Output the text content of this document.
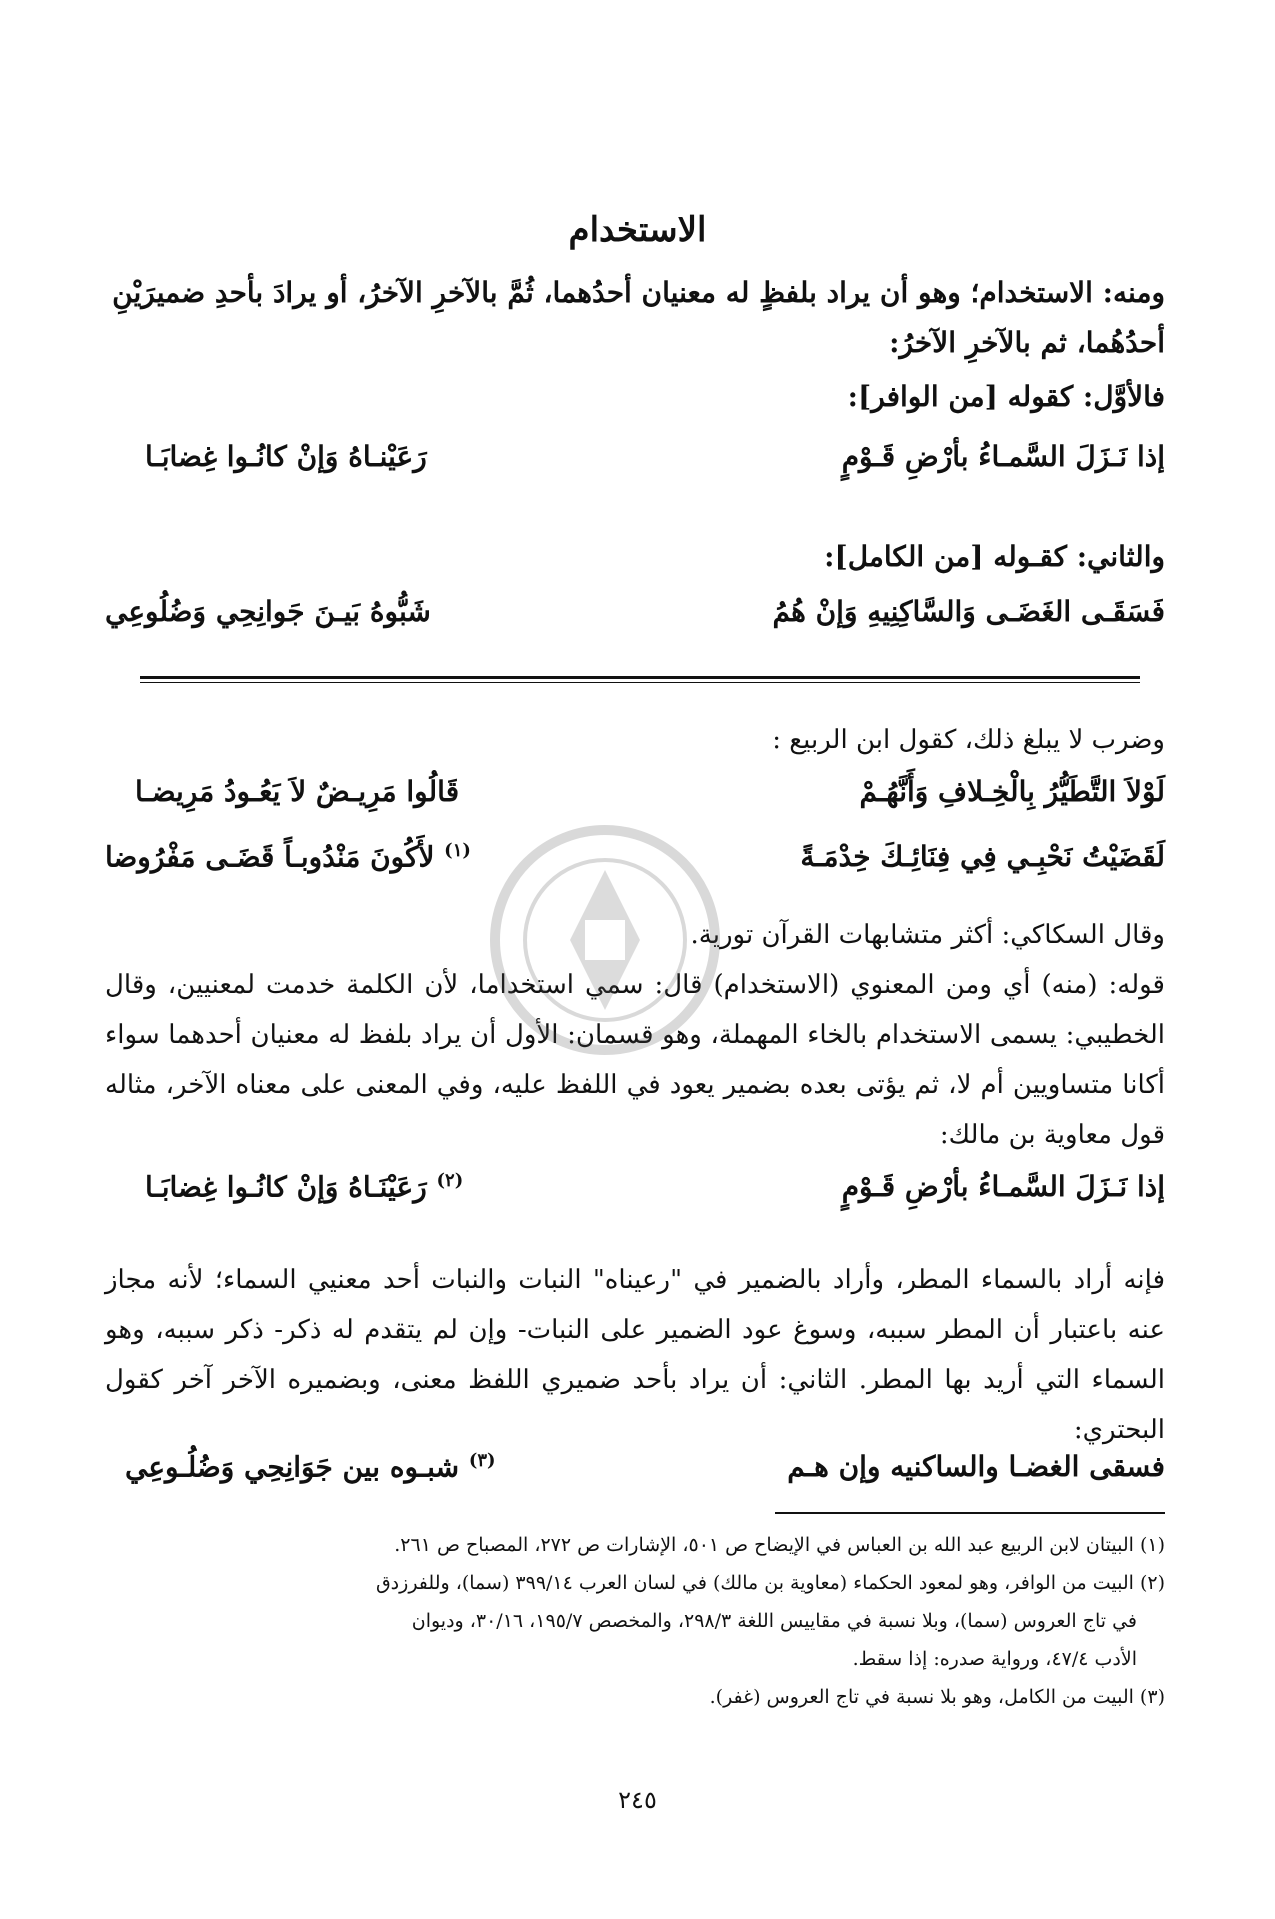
الاستخدام
ومنه: الاستخدام؛ وهو أن يراد بلفظٍ له معنيان أحدُهما، ثُمَّ بالآخرِ الآخرُ، أو يرادَ بأحدِ ضميرَيْنِ أحدُهُما، ثم بالآخرِ الآخرُ:
فالأوَّل: كقوله [من الوافر]:
إذا نَـزَلَ السَّمـاءُ بأرْضِ قَـوْمٍ
رَعَيْنـاهُ وَإنْ كانُـوا غِضابَـا
والثاني: كقـوله [من الكامل]:
فَسَقَـى الغَضَـى وَالسَّاكِنِيهِ وَإنْ هُمُ
شَبُّوهُ بَيـنَ جَوانِحِي وَضُلُوعِي
وضرب لا يبلغ ذلك، كقول ابن الربيع :
لَوْلاَ التَّطَيُّرُ بِالْخِـلافِ وَأَنَّهُـمْ
قَالُوا مَرِيـضٌ لاَ يَعُـودُ مَرِيضـا
لَقَضَيْتُ نَحْبِـي فِي فِنَائِـكَ خِدْمَـةً
$^{(١)}$ لأَكُونَ مَنْدُوبـاً قَضَـى مَفْرُوضا
وقال السكاكي: أكثر متشابهات القرآن تورية.
قوله: (منه) أي ومن المعنوي (الاستخدام) قال: سمي استخداما، لأن الكلمة خدمت لمعنيين، وقال الخطيبي: يسمى الاستخدام بالخاء المهملة، وهو قسمان: الأول أن يراد بلفظ له معنيان أحدهما سواء أكانا متساويين أم لا، ثم يؤتى بعده بضمير يعود في اللفظ عليه، وفي المعنى على معناه الآخر، مثاله قول معاوية بن مالك:
إذا نَـزَلَ السَّمـاءُ بأرْضِ قَـوْمٍ
$^{(٢)}$ رَعَيْنَـاهُ وَإنْ كانُـوا غِضابَـا
فإنه أراد بالسماء المطر، وأراد بالضمير في "رعيناه" النبات والنبات أحد معنيي السماء؛ لأنه مجاز عنه باعتبار أن المطر سببه، وسوغ عود الضمير على النبات- وإن لم يتقدم له ذكر- ذكر سببه، وهو السماء التي أريد بها المطر. الثاني: أن يراد بأحد ضميري اللفظ معنى، وبضميره الآخر آخر كقول البحتري:
فسقى الغضـا والساكنيه وإن هـم
$^{(٣)}$ شبـوه بين جَوَانِحِي وَضُلُـوعِي
(١) البيتان لابن الربيع عبد الله بن العباس في الإيضاح ص ٥٠١، الإشارات ص ٢٧٢، المصباح ص ٢٦١.
(٢) البيت من الوافر، وهو لمعود الحكماء (معاوية بن مالك) في لسان العرب ٣٩٩/١٤ (سما)، وللفرزدق
في تاج العروس (سما)، وبلا نسبة في مقاييس اللغة ٢٩٨/٣، والمخصص ١٩٥/٧، ٣٠/١٦، وديوان
الأدب ٤٧/٤، ورواية صدره: إذا سقط.
(٣) البيت من الكامل، وهو بلا نسبة في تاج العروس (غفر).
٢٤٥
